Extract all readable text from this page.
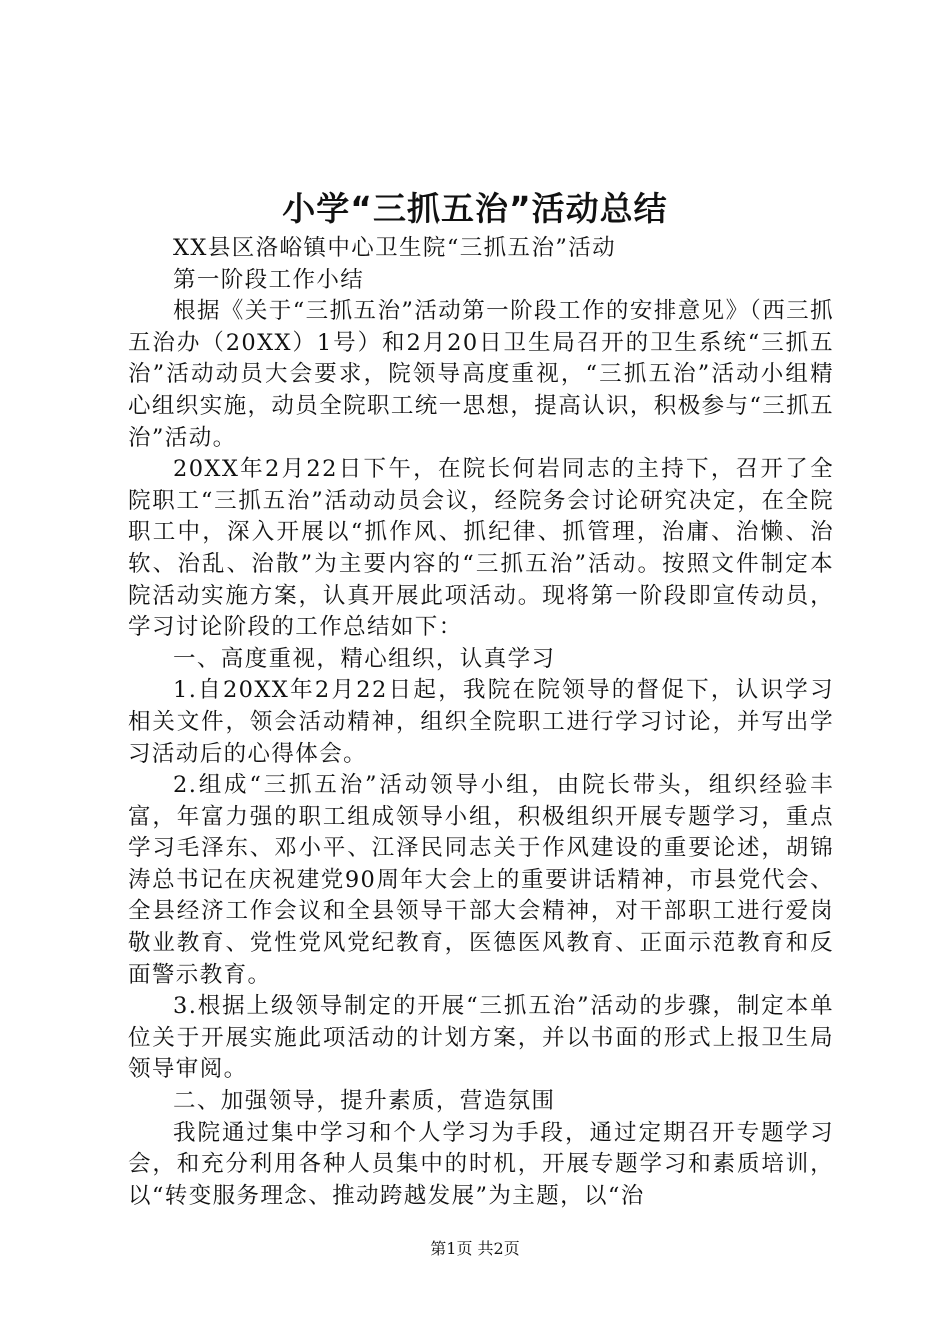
小学“三抓五治”活动总结

XX县区洛峪镇中心卫生院“三抓五治”活动

第一阶段工作小结

根据《关于“三抓五治”活动第一阶段工作的安排意见》（西三抓五治办（20XX）1号）和2月20日卫生局召开的卫生系统“三抓五治”活动动员大会要求，院领导高度重视，“三抓五治”活动小组精心组织实施，动员全院职工统一思想，提高认识，积极参与“三抓五治”活动。

20XX年2月22日下午，在院长何岩同志的主持下，召开了全院职工“三抓五治”活动动员会议，经院务会讨论研究决定，在全院职工中，深入开展以“抓作风、抓纪律、抓管理，治庸、治懒、治软、治乱、治散”为主要内容的“三抓五治”活动。按照文件制定本院活动实施方案，认真开展此项活动。现将第一阶段即宣传动员，学习讨论阶段的工作总结如下：

一、高度重视，精心组织，认真学习

1.自20XX年2月22日起，我院在院领导的督促下，认识学习相关文件，领会活动精神，组织全院职工进行学习讨论，并写出学习活动后的心得体会。

2.组成“三抓五治”活动领导小组，由院长带头，组织经验丰富，年富力强的职工组成领导小组，积极组织开展专题学习，重点学习毛泽东、邓小平、江泽民同志关于作风建设的重要论述，胡锦涛总书记在庆祝建党90周年大会上的重要讲话精神，市县党代会、全县经济工作会议和全县领导干部大会精神，对干部职工进行爱岗敬业教育、党性党风党纪教育，医德医风教育、正面示范教育和反面警示教育。

3.根据上级领导制定的开展“三抓五治”活动的步骤，制定本单位关于开展实施此项活动的计划方案，并以书面的形式上报卫生局领导审阅。

二、加强领导，提升素质，营造氛围

我院通过集中学习和个人学习为手段，通过定期召开专题学习会，和充分利用各种人员集中的时机，开展专题学习和素质培训，以“转变服务理念、推动跨越发展”为主题，以“治

第1页 共2页
